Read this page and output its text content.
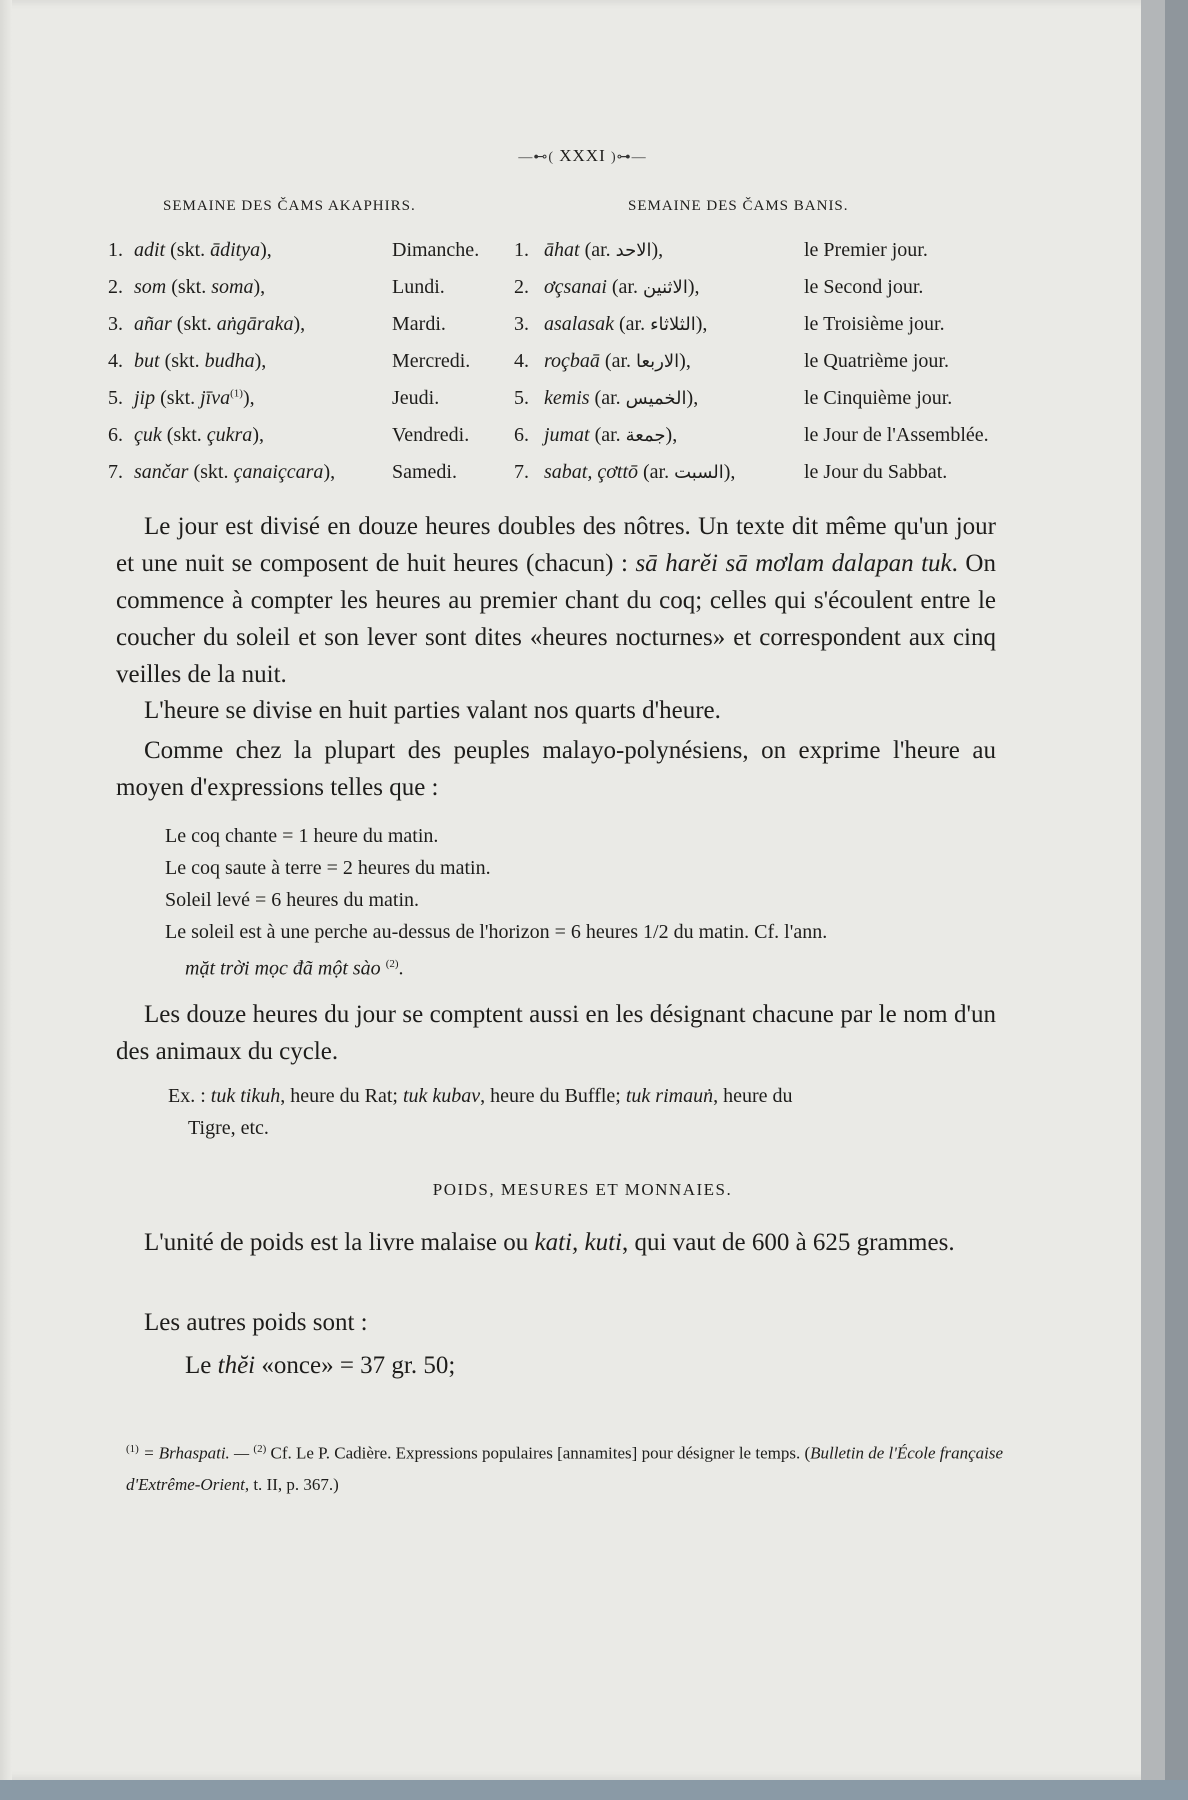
—⊷( XXXI )⊶—
SEMAINE DES ČAMS AKAPHIRS.	SEMAINE DES ČAMS BANIS.
1.	adit (skt. āditya),	Dimanche.	1.	āhat (ar. الاحد),	le Premier jour.
2.	som (skt. soma),	Lundi.	2.	ơçsanai (ar. الاثنين),	le Second jour.
3.	añar (skt. aṅgāraka),	Mardi.	3.	asalasak (ar. الثلاثاء),	le Troisième jour.
4.	but (skt. budha),	Mercredi.	4.	roçbaā (ar. الاربعا),	le Quatrième jour.
5.	jip (skt. jīva$^{(1)}$),	Jeudi.	5.	kemis (ar. الخميس),	le Cinquième jour.
6.	çuk (skt. çukra),	Vendredi.	6.	jumat (ar. جمعة),	le Jour de l'Assemblée.
7.	sančar (skt. çanaiçcara),	Samedi.	7.	sabat, çơttō (ar. السبت),	le Jour du Sabbat.

Le jour est divisé en douze heures doubles des nôtres. Un texte dit même qu'un jour et une nuit se composent de huit heures (chacun) : sā harĕi sā mơlam dalapan tuk. On commence à compter les heures au premier chant du coq; celles qui s'écoulent entre le coucher du soleil et son lever sont dites «heures nocturnes» et correspondent aux cinq veilles de la nuit.

L'heure se divise en huit parties valant nos quarts d'heure.

Comme chez la plupart des peuples malayo-polynésiens, on exprime l'heure au moyen d'expressions telles que :

Le coq chante = 1 heure du matin.
Le coq saute à terre = 2 heures du matin.
Soleil levé = 6 heures du matin.
Le soleil est à une perche au-dessus de l'horizon = 6 heures 1/2 du matin. Cf. l'ann.
mặt trời mọc đã một sào $^{(2)}$.

Les douze heures du jour se comptent aussi en les désignant chacune par le nom d'un des animaux du cycle.

Ex. : tuk tikuh, heure du Rat; tuk kubav, heure du Buffle; tuk rimauṅ, heure du
Tigre, etc.
POIDS, MESURES ET MONNAIES.

L'unité de poids est la livre malaise ou kati, kuti, qui vaut de 600 à 625 grammes.

Les autres poids sont :

Le thĕi «once» = 37 gr. 50;
$^{(1)}$ = Brhaspati. — $^{(2)}$ Cf. Le P. Cadière. Expressions populaires [annamites] pour désigner le temps. (Bulletin de l'École française d'Extrême-Orient, t. II, p. 367.)
